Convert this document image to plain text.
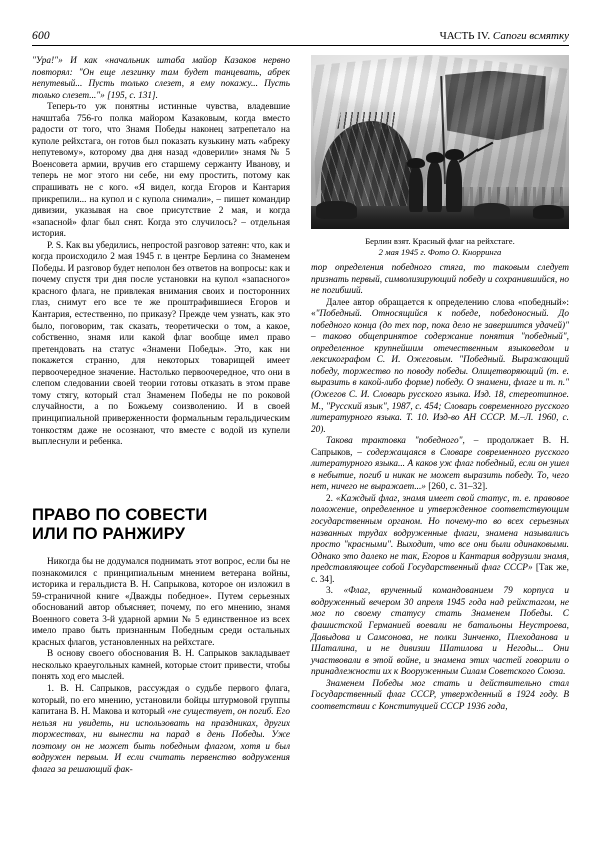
600	ЧАСТЬ IV. Сапоги всмятку
Берлин взят. Красный флаг на рейхстаге.
2 мая 1945 г. Фото О. Кнорринга

"Ура!"» И как «начальник штаба майор Казаков нервно повторял: "Он еще лезгинку там будет танцевать, абрек непутевый... Пусть только слезет, я ему покажу... Пусть только слезет..."» [195, с. 131].

Теперь-то уж понятны истинные чувства, владевшие начштаба 756-го полка майором Казаковым, когда вместо радости от того, что Знамя Победы наконец затрепетало на куполе рейхстага, он готов был показать кузькину мать «абреку непутевому», которому два дня назад «доверили» знамя № 5 Военсовета армии, вручив его старшему сержанту Иванову, и теперь не мог этого ни себе, ни ему простить, потому как спрашивать не с кого. «Я видел, когда Егоров и Кантария прикрепили... на купол и с купола снимали», – пишет командир дивизии, указывая на свое присутствие 2 мая, и когда «запасной» флаг был снят. Когда это случилось? – отдельная история.

P. S. Как вы убедились, непростой разговор затеян: что, как и когда происходило 2 мая 1945 г. в центре Берлина со Знаменем Победы. И разговор будет неполон без ответов на вопросы: как и почему спустя три дня после установки на купол «запасного» красного флага, не привлекая внимания своих и посторонних глаз, снимут его все те же проштрафившиеся Егоров и Кантария, естественно, по приказу? Прежде чем узнать, как это было, поговорим, так сказать, теоретически о том, а какое, собственно, знамя или какой флаг вообще имел право претендовать на статус «Знамени Победы». Это, как ни покажется странно, для некоторых товарищей имеет первоочередное значение. Настолько первоочередное, что они в слепом следовании своей теории готовы отказать в этом праве тому стягу, который стал Знаменем Победы не по роковой случайности, а по Божьему соизволению. И в своей принципиальной приверженности формальным геральдическим тонкостям даже не осознают, что вместе с водой из купели выплеснули и ребенка.

ПРАВО ПО СОВЕСТИ
ИЛИ ПО РАНЖИРУ

Никогда бы не додумался поднимать этот вопрос, если бы не познакомился с принципиальным мнением ветерана войны, историка и геральдиста В. Н. Сапрыкова, которое он изложил в 59-страничной книге «Дважды победное». Путем серьезных обоснований автор объясняет, почему, по его мнению, знамя Военного совета 3-й ударной армии № 5 единственное из всех имело право быть признанным Победным среди остальных красных флагов, установленных на рейхстаге.

В основу своего обоснования В. Н. Сапрыков закладывает несколько краеугольных камней, которые стоит привести, чтобы понять ход его мыслей.

1. В. Н. Сапрыков, рассуждая о судьбе первого флага, который, по его мнению, установили бойцы штурмовой группы капитана В. Н. Макова и который «не существует, он погиб. Его нельзя ни увидеть, ни использовать на праздниках, других торжествах, ни вынести на парад в день Победы. Уже поэтому он не может быть победным флагом, хотя и был водружен первым. И если считать первенство водружения флага за решающий фак-

тор определения победного стяга, то таковым следует признать первый, символизирующий победу и сохранившийся, но не погибший.

Далее автор обращается к определению слова «победный»: «"Победный. Относящийся к победе, победоносный. До победного конца (до тех пор, пока дело не завершится удачей)" – таково общепринятое содержание понятия "победный", определенное крупнейшим отечественным языковедом и лексикографом С. И. Ожеговым. "Победный. Выражающий победу, торжество по поводу победы. Олицетворяющий (т. е. выразить в какой-либо форме) победу. О знамени, флаге и т. п." (Ожегов С. И. Словарь русского языка. Изд. 18, стереотипное. М., "Русский язык", 1987, с. 454; Словарь современного русского литературного языка. Т. 10. Изд-во АН СССР. М.–Л. 1960, с. 20).

Такова трактовка "победного", – продолжает В. Н. Сапрыков, – содержащаяся в Словаре современного русского литературного языка... А каков уж флаг победный, если он ушел в небытие, погиб и никак не может выразить победу. То, чего нет, ничего не выражает...» [260, с. 31–32].

2. «Каждый флаг, знамя имеет свой статус, т. е. правовое положение, определенное и утвержденное соответствующим государственным органом. Но почему-то во всех серьезных названных трудах водруженные флаги, знамена назывались просто "красными". Выходит, что все они были одинаковыми. Однако это далеко не так, Егоров и Кантария водрузили знамя, представляющее собой Государственный флаг СССР» [Так же, с. 34].

3. «Флаг, врученный командованием 79 корпуса и водруженный вечером 30 апреля 1945 года над рейхстагом, не мог по своему статусу стать Знаменем Победы. С фашистской Германией воевали не батальоны Неустроева, Давыдова и Самсонова, не полки Зинченко, Плеходанова и Шаталина, и не дивизии Шатилова и Негоды... Они участвовали в этой войне, и знамена этих частей говорили о принадлежности их к Вооруженным Силам Советского Союза.

Знаменем Победы мог стать и действительно стал Государственный флаг СССР, утвержденный в 1924 году. В соответствии с Конституцией СССР 1936 года,
